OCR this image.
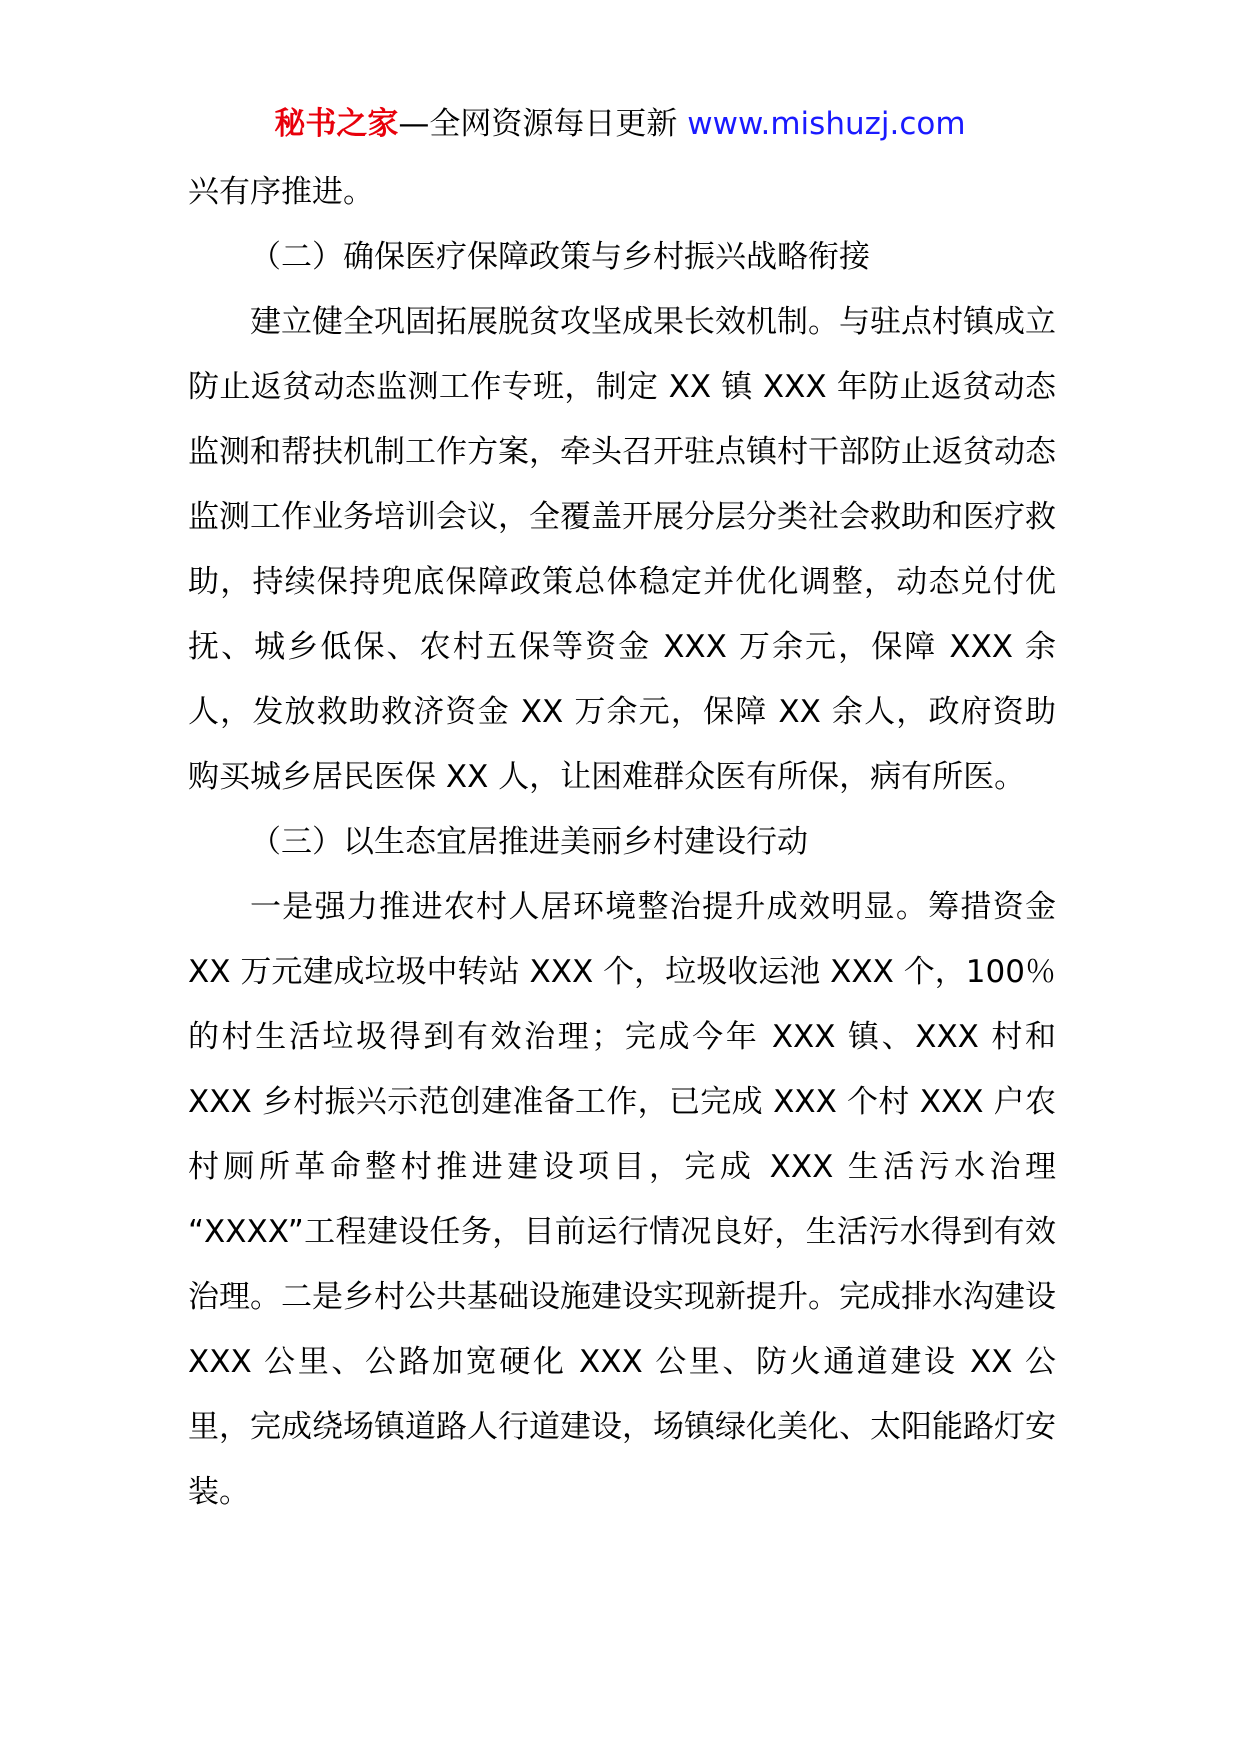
秘书之家—全网资源每日更新 www.mishuzj.com

兴有序推进。

（二）确保医疗保障政策与乡村振兴战略衔接

建立健全巩固拓展脱贫攻坚成果长效机制。与驻点村镇成立防止返贫动态监测工作专班，制定 XX 镇 XXX 年防止返贫动态监测和帮扶机制工作方案，牵头召开驻点镇村干部防止返贫动态监测工作业务培训会议，全覆盖开展分层分类社会救助和医疗救助，持续保持兜底保障政策总体稳定并优化调整，动态兑付优抚、城乡低保、农村五保等资金 XXX 万余元，保障 XXX 余人，发放救助救济资金 XX 万余元，保障 XX 余人，政府资助购买城乡居民医保 XX 人，让困难群众医有所保，病有所医。

（三）以生态宜居推进美丽乡村建设行动

一是强力推进农村人居环境整治提升成效明显。筹措资金 XX 万元建成垃圾中转站 XXX 个，垃圾收运池 XXX 个，100％的村生活垃圾得到有效治理；完成今年 XXX 镇、XXX 村和 XXX 乡村振兴示范创建准备工作，已完成 XXX 个村 XXX 户农村厕所革命整村推进建设项目，完成 XXX 生活污水治理 “XXXX”工程建设任务，目前运行情况良好，生活污水得到有效治理。二是乡村公共基础设施建设实现新提升。完成排水沟建设 XXX 公里、公路加宽硬化 XXX 公里、防火通道建设 XX 公里，完成绕场镇道路人行道建设，场镇绿化美化、太阳能路灯安装。
